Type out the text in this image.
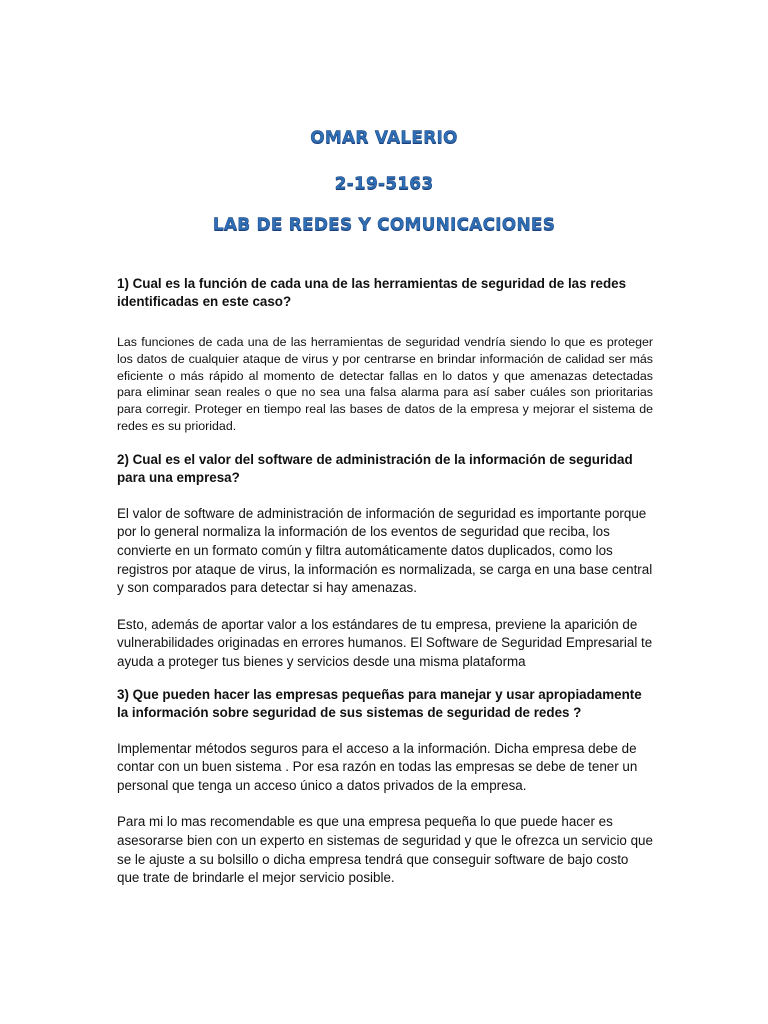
OMAR VALERIO
2-19-5163
LAB DE REDES Y COMUNICACIONES

1) Cual es la función de cada una de las herramientas de seguridad de las redes identificadas en este caso?

Las funciones de cada una de las herramientas de seguridad vendría siendo lo que es proteger los datos de cualquier ataque de virus y por centrarse en brindar información de calidad ser más eficiente o más rápido al momento de detectar fallas en lo datos y que amenazas detectadas para eliminar sean reales o que no sea una falsa alarma para así saber cuáles son prioritarias para corregir. Proteger en tiempo real las bases de datos de la empresa y mejorar el sistema de redes es su prioridad.

2) Cual es el valor del software de administración de la información de seguridad para una empresa?

El valor de software de administración de información de seguridad es importante porque por lo general normaliza la información de los eventos de seguridad que reciba, los convierte en un formato común y filtra automáticamente datos duplicados, como los registros por ataque de virus, la información es normalizada, se carga en una base central y son comparados para detectar si hay amenazas.

Esto, además de aportar valor a los estándares de tu empresa, previene la aparición de vulnerabilidades originadas en errores humanos. El Software de Seguridad Empresarial te ayuda a proteger tus bienes y servicios desde una misma plataforma

3) Que pueden hacer las empresas pequeñas para manejar y usar apropiadamente la información sobre seguridad de sus sistemas de seguridad de redes ?

Implementar métodos seguros para el acceso a la información. Dicha empresa debe de contar con un buen sistema . Por esa razón en todas las empresas se debe de tener un personal que tenga un acceso único a datos privados de la empresa.

Para mi lo mas recomendable es que una empresa pequeña lo que puede hacer es asesorarse bien con un experto en sistemas de seguridad y que le ofrezca un servicio que se le ajuste a su bolsillo o dicha empresa tendrá que conseguir software de bajo costo que trate de brindarle el mejor servicio posible.
